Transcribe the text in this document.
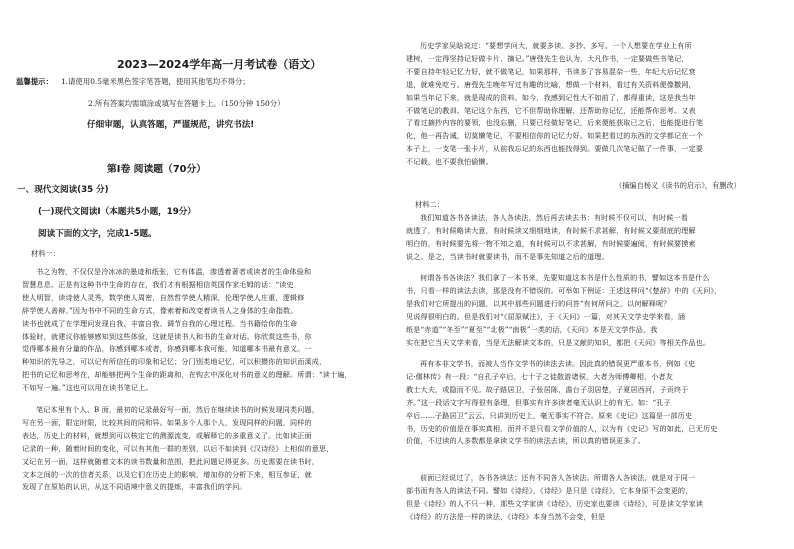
2023—2024学年高一月考试卷（语文）
温馨提示： 1.请使用0.5毫米黑色签字笔答题，使用其他笔均不得分；
2.所有答案均需填涂或填写在答题卡上。（150分钟 150分）
仔细审题，认真答题，严谨规范，讲究书法!
第Ⅰ卷 阅读题（70分）
一、现代文阅读(35 分)
(一)现代文阅读Ⅰ（本题共5小题，19分）
阅读下面的文字，完成1-5题。
材料一：

书之为物，不仅仅是冷冰冰的墨迹和纸张，它有体温，渗透着著者或读者的生命体验和

智慧息息。正是有这种书中生命的存在，我们才有根据相信英国作家毛姆的话：“读史

使人明智，读诗使人灵秀，数学使人周密，自然哲学使人精深，伦理学使人庄重，逻辑修

辞学使人善辩。”因为书中不同的生命方式，像索着和改变着读书人之身体的生命指数。

读书也就成了在学理问发现自我、丰富自我、调节自我的心理过程。当书籍给你的生命

体验时，就建议你能够感知到这些体验，这就是读书人和书的生命对话。你欣赏这些书，你

觉得哪本最有分量的作品，你感到哪本或者，你感到哪本我可能，知道哪本书最有意义。一

种知识的先导之，可以记有所信任的印象和记忆；分门别类地记忆，可以积攒你的知识而溪成，

把书的记忆和思考在，却能够把两个生命的距离和，在钩玄中深化对书的意义的理解。所谓：“读十遍，

不如写一遍。”这也可以用在读书笔记上。

笔记本里有个人、B 面，最初的记录最好写一面，然后在继续读书的时候发现同类问题，

写在另一面，限定时限，比较其间的同和异。如果多个人那个人，发现同样的问题，同样的

表达，历史上的材料，就想到可以核定它的测源流变，或解释它的多重意义了。比如读正面

记录的一种，随着时间的变化，可以有其他一群的差别，以后不如读到《汉诗经》上相似的意思，

又记在另一面，这样就随着文本的读书数量和范围，把此问题记得更多。历史需要在读书时，

文本之间的一次的信者关系，以及它们在历史上的影响，增加你的分析下来，相互参证，就

发现了在原始的认识，从这不同语境中意义的提炼，丰富我们的学问。

历史学家吴晗说过：“要想学问大，就要多读、多抄、多写。一个人想要在学业上有所

建树，一定得坚持记好做卡片、摘记。”唐弢先生也认为，大凡作书，一定要做些书笔记，

不要自持年轻记忆力好，就不做笔记，如果那样，书读多了容易混杂一些，年纪大后记忆衰

退，就难免吃亏。唐弢先生晚年写过有趣的比喻，想做一个材料，看过有关资料便像撒网，

如果当年记下来，就是现成的资料。如今，我感到记性大不如前了，都得重读，这是我当年

不做笔记的教训。笔记这个东西，它不但帮助你理解，还帮助你记忆，还能帮你思考。又表

了看过摘抄内容的要领，也没忘删，只要已经做好笔记，后来便能获取已之后，也能提进行笔

化，他一再告诫，切莫懒笔记，不要相信你的记忆力好。如果把看过的东西的文学都记在一个

本子上，一支笔一张卡片，从前我忘记的东西也能找得到。要做几次笔记做了一件事，一定要

不记载，也不要我怕偷懒。

（摘编自杨义《读书的启示》，有删改）
材料二：

我们知道各书各读法，各人各读法，然后再去读去书：有时候不仅可以，有时候一看

就透了，有时候略读大意，有时候读又细细地读，有时候不求甚解，有时候又要彻底的理解

明白的，有时候要先将一物不知之道，有时候可以不求甚解，有时候要遍阅，有时候要摸索

说之。是之，当读书时就要读书，而不是事先知道之后的道理。

何谓各书各读法？我们拿了一本书来，先要知道这本书是什么性质的书，譬如这本书是什么

书，只看一样的读法去读，那是没有不错误的。可举如下例证：王述这样问“《楚辞》中的《天问》，

是我们对它所提出的问题，以其中那些问题进行的问答“有何所问之，以何解释呢？

见说得很明白的。但是我们对“《屈原赋注》，于《天问》一篇，对其天文学史学来看，涵

纸是“赤道”“冬至”“夏至”“北极”“南极”一类的话，《天问》本是天文学作品，我

实在把它当天文学来看，当是无法解读文本的，只是文献的知识，都把《天问》等相关作品也。

再有本非文学书，而被人当作文学书的读法去读。因此真的错误更严重本书，例如《史

记·儒林传》有一段：“自孔子卒后，七十子之徒散游诸侯，大者为师傅卿相，小者友

教士大夫，或隐而不见。故子路居卫，子张居陈，澹台子羽居楚，子夏居西河，子贡终于

齐。”这一段话文字写得很有条理，但事实有许多读者毫无认识上的有无。如：“孔子

卒后……子路居卫”云云，只讲到历史上，毫无事实不符合。原来《史记》这篇是一部历史

书，历史的价值是在事实真相，而并不是只看文学价值的人，以为有《史记》写的如此，已无历史

价值，不过读的人多数都是拿读文学书的读法去读，所以真的错误更多了。

前面已经说过了，各书各读法；还有不同各人各读法。所谓各人各读法，就是对于同一

部书而有各人的读法不同。譬如《诗经》，《诗经》是只是《诗经》，它本身原不会变更的，

但是《诗经》的人不只一种，那些文学家读《诗经》，历史家也要读《诗经》，可是读文学家读

《诗经》的方法是一样的读法，《诗经》本身当然不会变，但是
